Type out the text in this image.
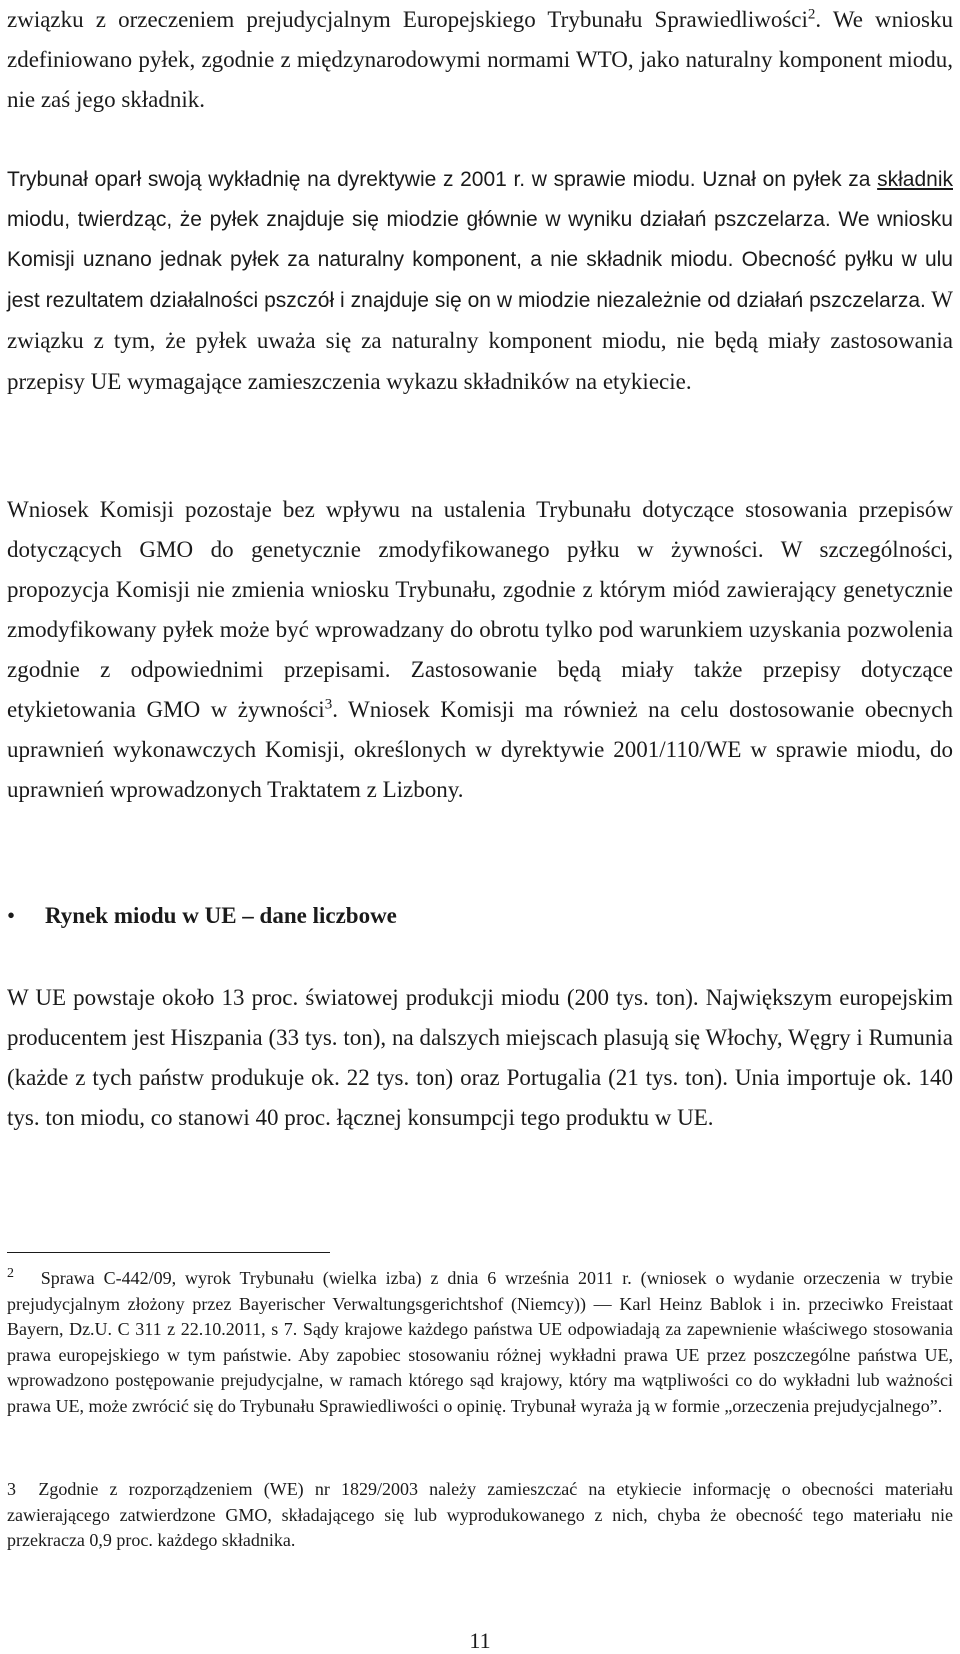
związku z orzeczeniem prejudycjalnym Europejskiego Trybunału Sprawiedliwości$^2$. We wniosku zdefiniowano pyłek, zgodnie z międzynarodowymi normami WTO, jako naturalny komponent miodu, nie zaś jego składnik.

Trybunał oparł swoją wykładnię na dyrektywie z 2001 r. w sprawie miodu. Uznał on pyłek za składnik miodu, twierdząc, że pyłek znajduje się miodzie głównie w wyniku działań pszczelarza. We wniosku Komisji uznano jednak pyłek za naturalny komponent, a nie składnik miodu. Obecność pyłku w ulu jest rezultatem działalności pszczół i znajduje się on w miodzie niezależnie od działań pszczelarza. W związku z tym, że pyłek uważa się za naturalny komponent miodu, nie będą miały zastosowania przepisy UE wymagające zamieszczenia wykazu składników na etykiecie.

Wniosek Komisji pozostaje bez wpływu na ustalenia Trybunału dotyczące stosowania przepisów dotyczących GMO do genetycznie zmodyfikowanego pyłku w żywności. W szczególności, propozycja Komisji nie zmienia wniosku Trybunału, zgodnie z którym miód zawierający genetycznie zmodyfikowany pyłek może być wprowadzany do obrotu tylko pod warunkiem uzyskania pozwolenia zgodnie z odpowiednimi przepisami. Zastosowanie będą miały także przepisy dotyczące etykietowania GMO w żywności$^3$. Wniosek Komisji ma również na celu dostosowanie obecnych uprawnień wykonawczych Komisji, określonych w dyrektywie 2001/110/WE w sprawie miodu, do uprawnień wprowadzonych Traktatem z Lizbony.

• Rynek miodu w UE – dane liczbowe

W UE powstaje około 13 proc. światowej produkcji miodu (200 tys. ton). Największym europejskim producentem jest Hiszpania (33 tys. ton), na dalszych miejscach plasują się Włochy, Węgry i Rumunia (każde z tych państw produkuje ok. 22 tys. ton) oraz Portugalia (21 tys. ton). Unia importuje ok. 140 tys. ton miodu, co stanowi 40 proc. łącznej konsumpcji tego produktu w UE.

$^2$ Sprawa C-442/09, wyrok Trybunału (wielka izba) z dnia 6 września 2011 r. (wniosek o wydanie orzeczenia w trybie prejudycjalnym złożony przez Bayerischer Verwaltungsgerichtshof (Niemcy)) — Karl Heinz Bablok i in. przeciwko Freistaat Bayern, Dz.U. C 311 z 22.10.2011, s 7. Sądy krajowe każdego państwa UE odpowiadają za zapewnienie właściwego stosowania prawa europejskiego w tym państwie. Aby zapobiec stosowaniu różnej wykładni prawa UE przez poszczególne państwa UE, wprowadzono postępowanie prejudycjalne, w ramach którego sąd krajowy, który ma wątpliwości co do wykładni lub ważności prawa UE, może zwrócić się do Trybunału Sprawiedliwości o opinię. Trybunał wyraża ją w formie „orzeczenia prejudycjalnego”.

3 Zgodnie z rozporządzeniem (WE) nr 1829/2003 należy zamieszczać na etykiecie informację o obecności materiału zawierającego zatwierdzone GMO, składającego się lub wyprodukowanego z nich, chyba że obecność tego materiału nie przekracza 0,9 proc. każdego składnika.

11
